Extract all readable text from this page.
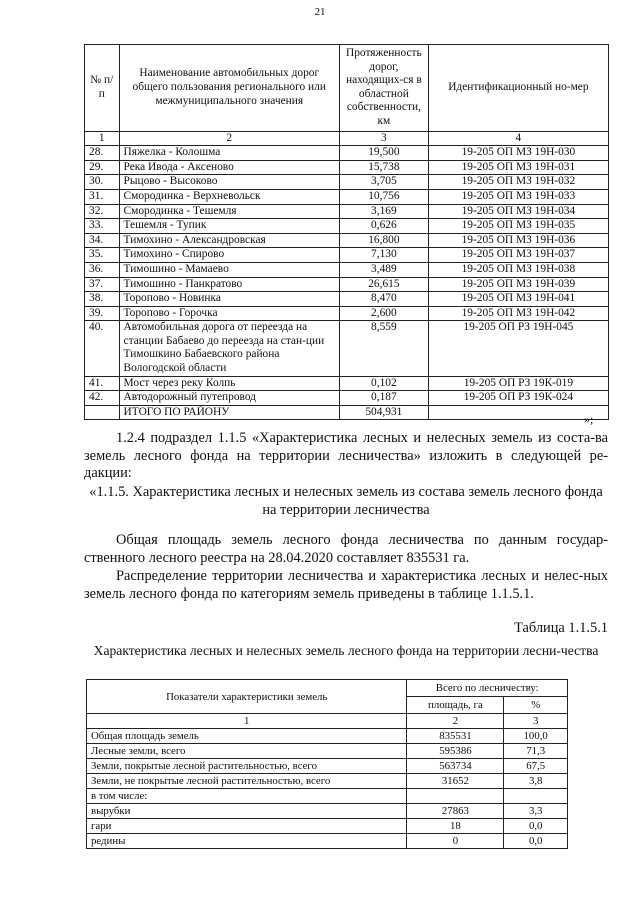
21
№ п/п	Наименование автомобильных дорог общего пользования регионального или межмуниципального значения	Протяженность дорог, находящих-ся в областной собственности, км	Идентификационный но-мер
1	2	3	4
28.	Пяжелка - Колошма	19,500	19-205 ОП МЗ 19Н-030
29.	Река Ивода - Аксеново	15,738	19-205 ОП МЗ 19Н-031
30.	Рыцово - Высоково	3,705	19-205 ОП МЗ 19Н-032
31.	Смородинка - Верхневольск	10,756	19-205 ОП МЗ 19Н-033
32.	Смородинка - Тешемля	3,169	19-205 ОП МЗ 19Н-034
33.	Тешемля - Тупик	0,626	19-205 ОП МЗ 19Н-035
34.	Тимохино - Александровская	16,800	19-205 ОП МЗ 19Н-036
35.	Тимохино - Спирово	7,130	19-205 ОП МЗ 19Н-037
36.	Тимошино - Мамаево	3,489	19-205 ОП МЗ 19Н-038
37.	Тимошино - Панкратово	26,615	19-205 ОП МЗ 19Н-039
38.	Торопово - Новинка	8,470	19-205 ОП МЗ 19Н-041
39.	Торопово - Горочка	2,600	19-205 ОП МЗ 19Н-042
40.	Автомобильная дорога от переезда на станции Бабаево до переезда на стан-ции Тимошкино Бабаевского района Вологодской области	8,559	19-205 ОП РЗ 19Н-045
41.	Мост через реку Колпь	0,102	19-205 ОП РЗ 19К-019
42.	Автодорожный путепровод	0,187	19-205 ОП РЗ 19К-024
	ИТОГО ПО РАЙОНУ	504,931	
»;
1.2.4 подраздел 1.1.5 «Характеристика лесных и нелесных земель из соста-ва земель лесного фонда на территории лесничества» изложить в следующей ре-дакции:
«1.1.5. Характеристика лесных и нелесных земель из состава земель лесного фонда на территории лесничества
Общая площадь земель лесного фонда лесничества по данным государ-ственного лесного реестра на 28.04.2020 составляет 835531 га.
Распределение территории лесничества и характеристика лесных и нелес-ных земель лесного фонда по категориям земель приведены в таблице 1.1.5.1.
Таблица 1.1.5.1
Характеристика лесных и нелесных земель лесного фонда на территории лесни-чества
Показатели характеристики земель	Всего по лесничеству:	
	площадь, га	%
1	2	3
Общая площадь земель	835531	100,0
Лесные земли, всего	595386	71,3
Земли, покрытые лесной растительностью, всего	563734	67,5
Земли, не покрытые лесной растительностью, всего	31652	3,8
в том числе:		
вырубки	27863	3,3
гари	18	0,0
редины	0	0,0
